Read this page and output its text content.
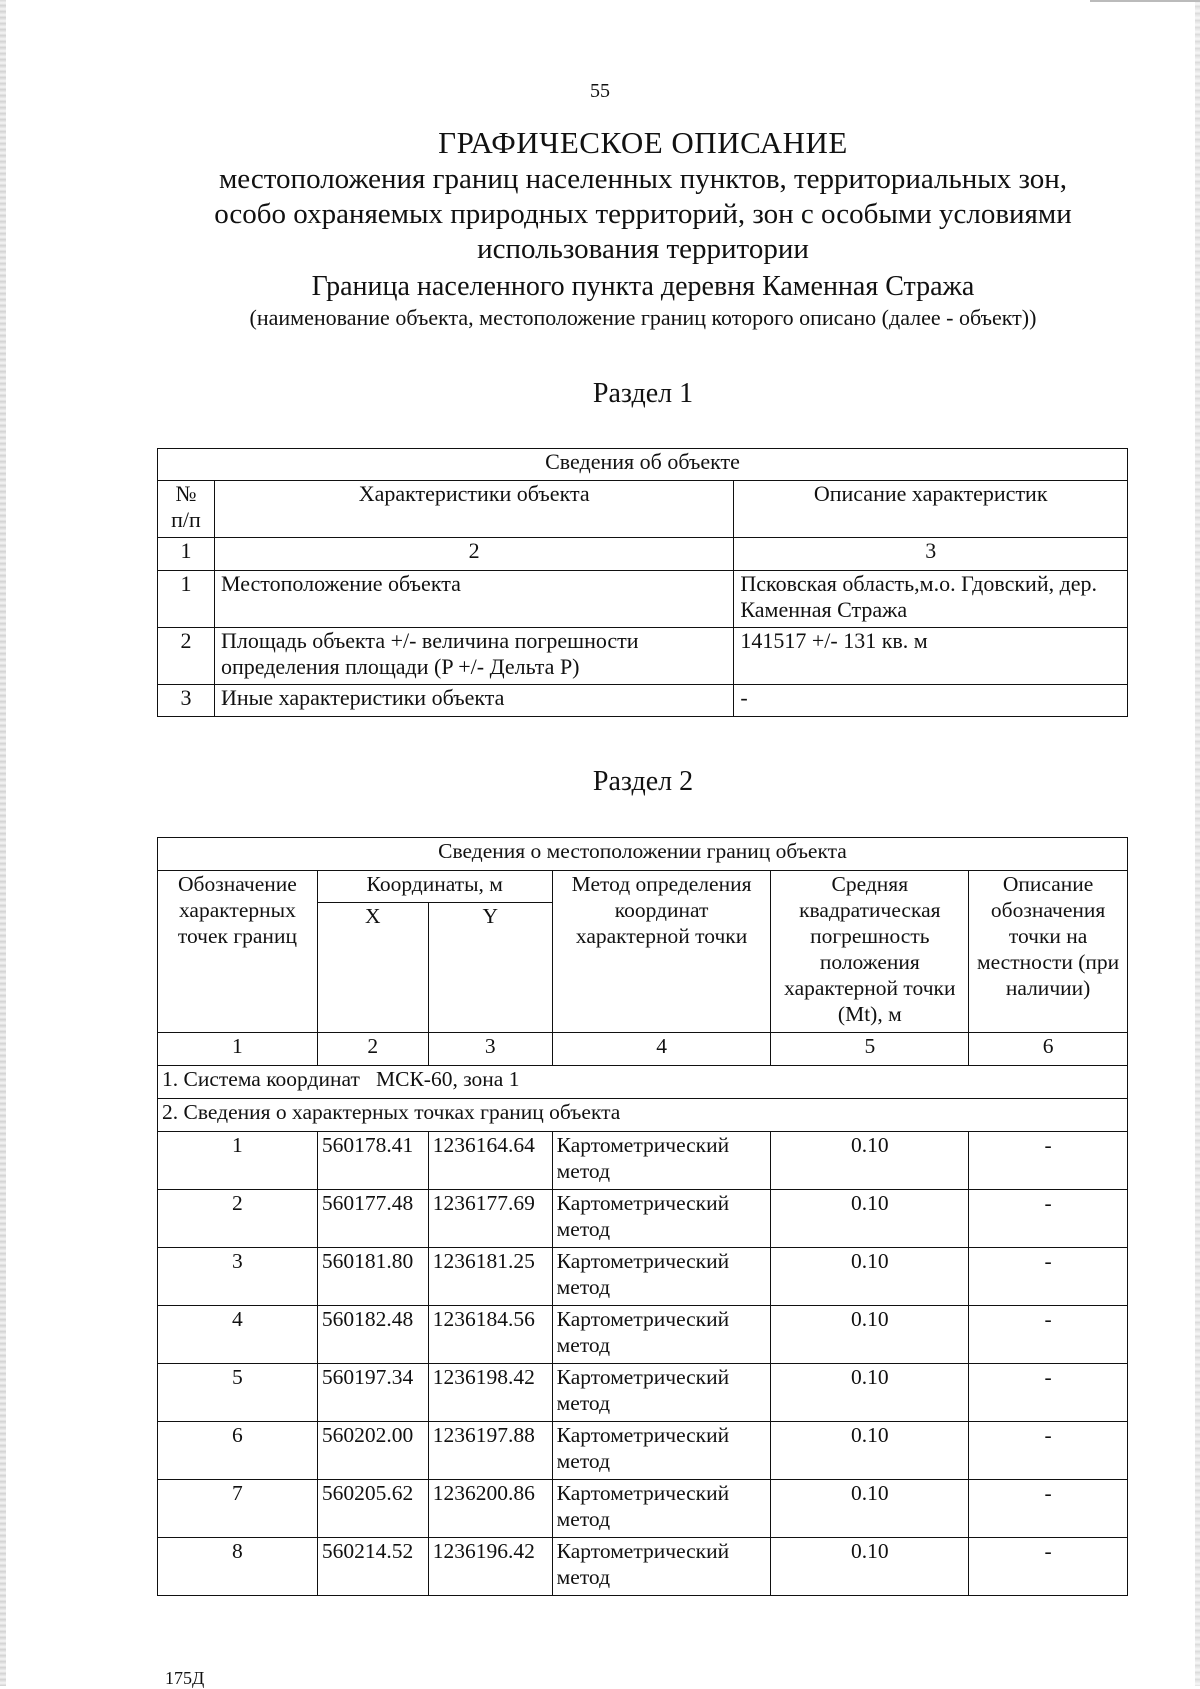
55
ГРАФИЧЕСКОЕ ОПИСАНИЕ
местоположения границ населенных пунктов, территориальных зон,
особо охраняемых природных территорий, зон с особыми условиями
использования территории
Граница населенного пункта деревня Каменная Стража
(наименование объекта, местоположение границ которого описано (далее - объект))
Раздел 1
Сведения об объекте		
№ п/п	Характеристики объекта	Описание характеристик
1	2	3
1	Местоположение объекта	Псковская область,м.о. Гдовский, дер. Каменная Стража
2	Площадь объекта +/- величина погрешности определения площади (P +/- Дельта P)	141517 +/- 131 кв. м
3	Иные характеристики объекта	-
Раздел 2
Сведения о местоположении границ объекта					
Обозначение характерных точек границ	Координаты, м		Метод определения координат характерной точки	Средняя квадратическая погрешность положения характерной точки (Mt), м	Описание обозначения точки на местности (при наличии)
	X	Y			
1	2	3	4	5	6
1. Система координат   МСК-60, зона 1					
2. Сведения о характерных точках границ объекта					
1	560178.41	1236164.64	Картометрический метод	0.10	-
2	560177.48	1236177.69	Картометрический метод	0.10	-
3	560181.80	1236181.25	Картометрический метод	0.10	-
4	560182.48	1236184.56	Картометрический метод	0.10	-
5	560197.34	1236198.42	Картометрический метод	0.10	-
6	560202.00	1236197.88	Картометрический метод	0.10	-
7	560205.62	1236200.86	Картометрический метод	0.10	-
8	560214.52	1236196.42	Картометрический метод	0.10	-
175Д
